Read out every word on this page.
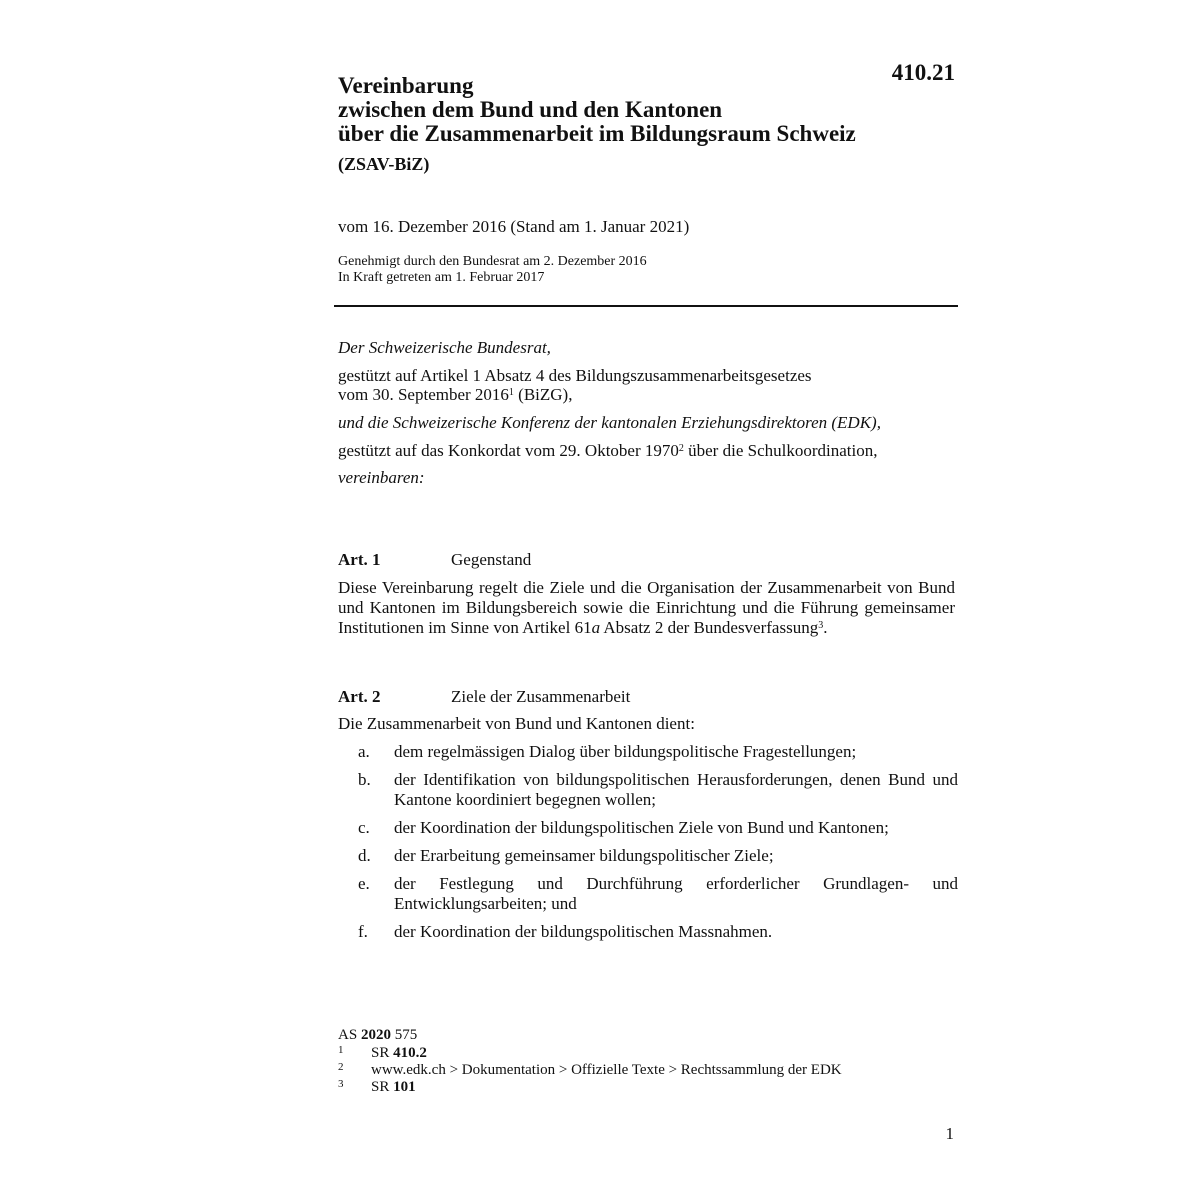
410.21
Vereinbarung
zwischen dem Bund und den Kantonen
über die Zusammenarbeit im Bildungsraum Schweiz
(ZSAV-BiZ)
vom 16. Dezember 2016 (Stand am 1. Januar 2021)
Genehmigt durch den Bundesrat am 2. Dezember 2016
In Kraft getreten am 1. Februar 2017
Der Schweizerische Bundesrat,
gestützt auf Artikel 1 Absatz 4 des Bildungszusammenarbeitsgesetzes
vom 30. September 2016$^1$ (BiZG),
und die Schweizerische Konferenz der kantonalen Erziehungsdirektoren (EDK),
gestützt auf das Konkordat vom 29. Oktober 1970$^2$ über die Schulkoordination,
vereinbaren:
Art. 1	Gegenstand
Diese Vereinbarung regelt die Ziele und die Organisation der Zusammenarbeit von Bund und Kantonen im Bildungsbereich sowie die Einrichtung und die Führung gemeinsamer Institutionen im Sinne von Artikel 61a Absatz 2 der Bundesverfassung$^3$.
Art. 2	Ziele der Zusammenarbeit
Die Zusammenarbeit von Bund und Kantonen dient:
a. dem regelmässigen Dialog über bildungspolitische Fragestellungen;
b. der Identifikation von bildungspolitischen Herausforderungen, denen Bund und Kantone koordiniert begegnen wollen;
c. der Koordination der bildungspolitischen Ziele von Bund und Kantonen;
d. der Erarbeitung gemeinsamer bildungspolitischer Ziele;
e. der Festlegung und Durchführung erforderlicher Grundlagen- und Entwicklungsarbeiten; und
f. der Koordination der bildungspolitischen Massnahmen.
AS 2020 575
1 SR 410.2
2 www.edk.ch > Dokumentation > Offizielle Texte > Rechtssammlung der EDK
3 SR 101
1
